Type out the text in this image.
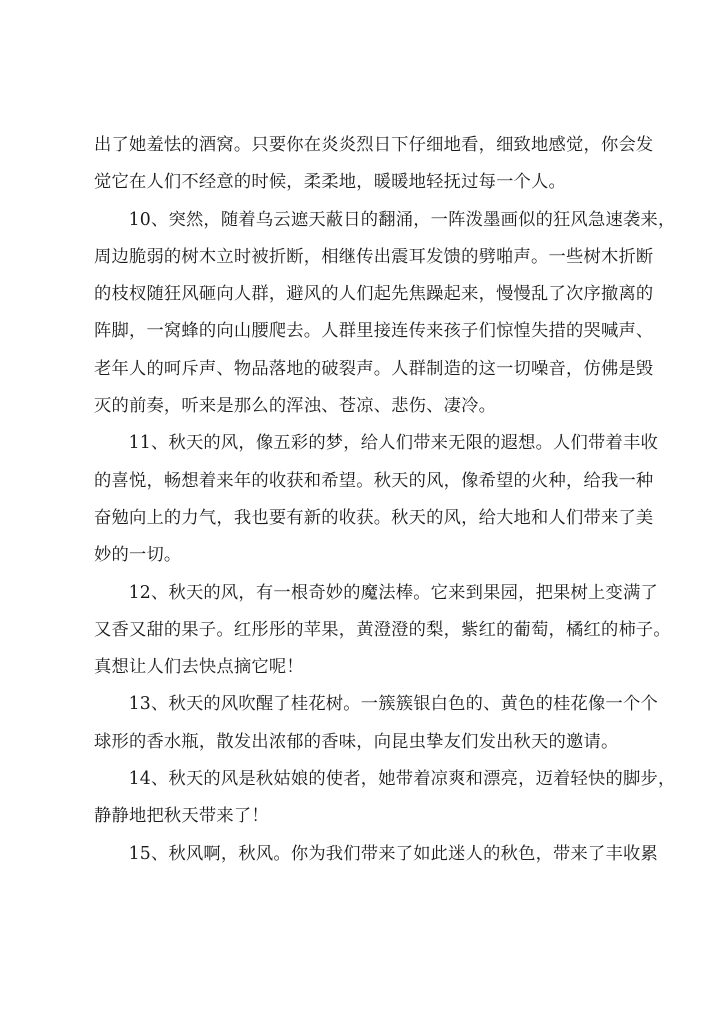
出了她羞怯的酒窝。只要你在炎炎烈日下仔细地看，细致地感觉，你会发
觉它在人们不经意的时候，柔柔地，暖暖地轻抚过每一个人。

10、突然，随着乌云遮天蔽日的翻涌，一阵泼墨画似的狂风急速袭来，
周边脆弱的树木立时被折断，相继传出震耳发馈的劈啪声。一些树木折断
的枝杈随狂风砸向人群，避风的人们起先焦躁起来，慢慢乱了次序撤离的
阵脚，一窝蜂的向山腰爬去。人群里接连传来孩子们惊惶失措的哭喊声、
老年人的呵斥声、物品落地的破裂声。人群制造的这一切噪音，仿佛是毁
灭的前奏，听来是那么的浑浊、苍凉、悲伤、凄冷。

11、秋天的风，像五彩的梦，给人们带来无限的遐想。人们带着丰收
的喜悦，畅想着来年的收获和希望。秋天的风，像希望的火种，给我一种
奋勉向上的力气，我也要有新的收获。秋天的风，给大地和人们带来了美
妙的一切。

12、秋天的风，有一根奇妙的魔法棒。它来到果园，把果树上变满了
又香又甜的果子。红彤彤的苹果，黄澄澄的梨，紫红的葡萄，橘红的柿子。
真想让人们去快点摘它呢！

13、秋天的风吹醒了桂花树。一簇簇银白色的、黄色的桂花像一个个
球形的香水瓶，散发出浓郁的香味，向昆虫挚友们发出秋天的邀请。

14、秋天的风是秋姑娘的使者，她带着凉爽和漂亮，迈着轻快的脚步，
静静地把秋天带来了！

15、秋风啊，秋风。你为我们带来了如此迷人的秋色，带来了丰收累
